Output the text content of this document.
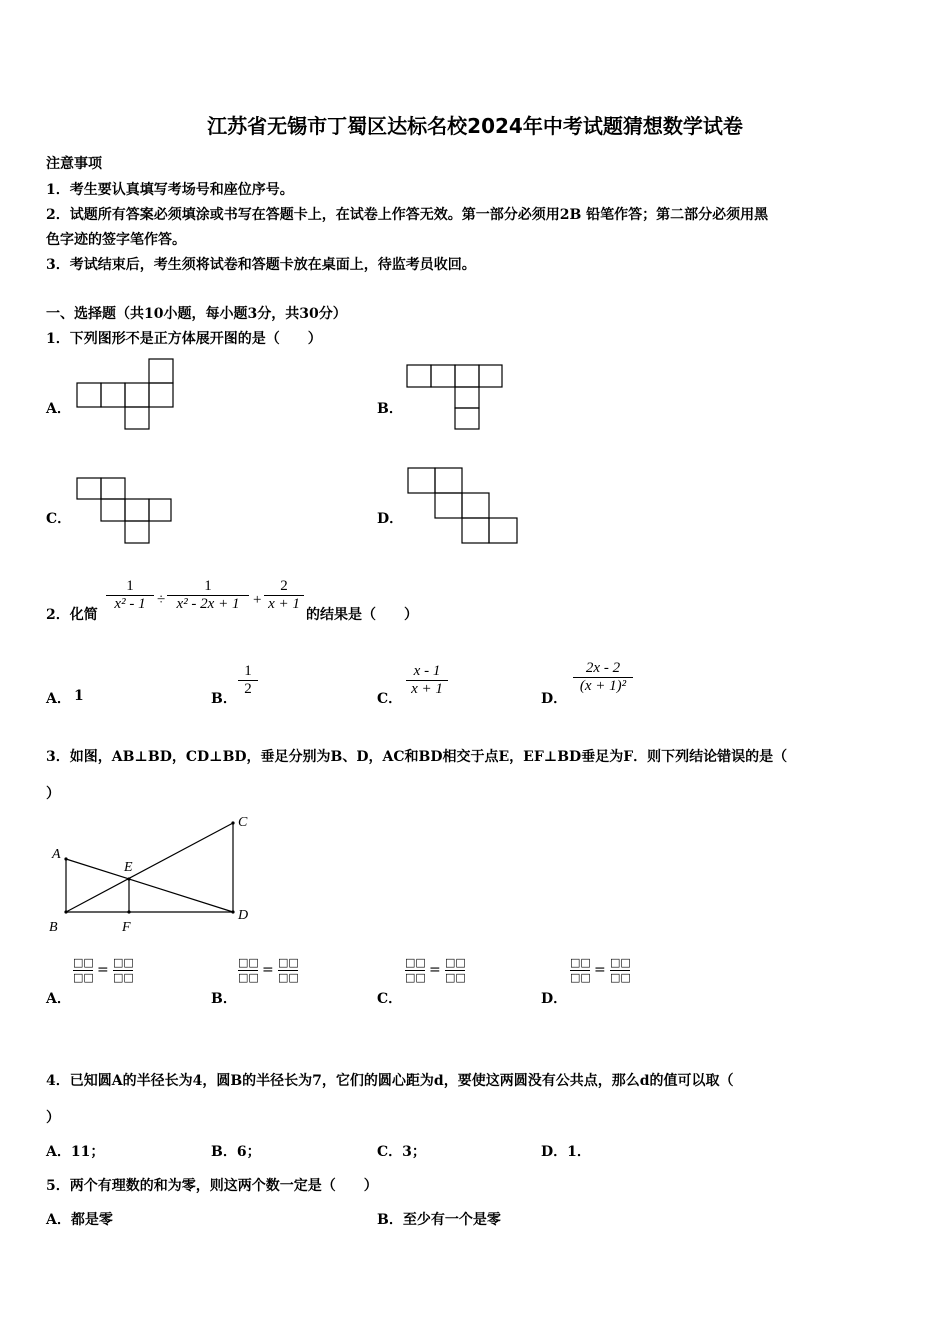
江苏省无锡市丁蜀区达标名校2024年中考试题猜想数学试卷
注意事项
1．考生要认真填写考场号和座位序号。
2．试题所有答案必须填涂或书写在答题卡上，在试卷上作答无效。第一部分必须用2B 铅笔作答；第二部分必须用黑
色字迹的签字笔作答。
3．考试结束后，考生须将试卷和答题卡放在桌面上，待监考员收回。
一、选择题（共10小题，每小题3分，共30分）
1．下列图形不是正方体展开图的是（　　）
A．	B．
C．	D．
2．化简
$\frac{1}{\text{x² - 1}} \div \frac{1}{\text{x² - 2x + 1}} + \frac{2}{x + 1}$
的结果是（　　）
A． 1	B．
$\frac{1}{2}$
C．
$\frac{x - 1}{x + 1}$
D．
$\frac{2x - 2}{\text{(x + 1)²}}$
3．如图，AB⊥BD，CD⊥BD，垂足分别为B、D，AC和BD相交于点E，EF⊥BD垂足为F．则下列结论错误的是（
）
A
B
C
D
E
F
□□
□□ = □□
□□
A．
□□
□□ = □□
□□
B．
□□
□□ = □□
□□
C．
□□
□□ = □□
□□
D．
4．已知圆A的半径长为4，圆B的半径长为7，它们的圆心距为d，要使这两圆没有公共点，那么d的值可以取（
）
A．11；	B．6；	C．3；	D．1．
5．两个有理数的和为零，则这两个数一定是（　　）
A．都是零	B．至少有一个是零
